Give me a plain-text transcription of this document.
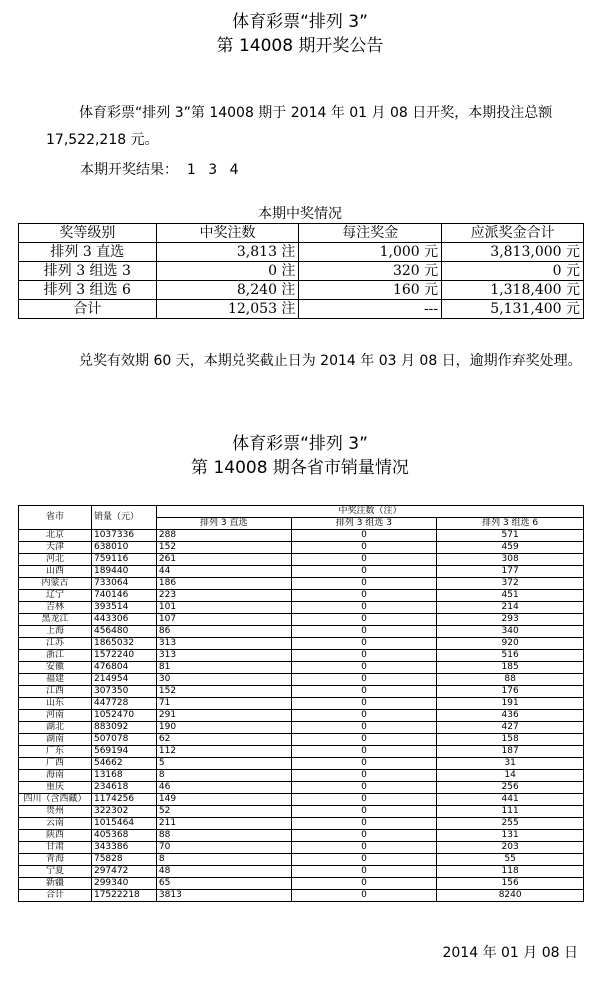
体育彩票“排列 3”
第 14008 期开奖公告
体育彩票“排列 3”第 14008 期于 2014 年 01 月 08 日开奖，本期投注总额 17,522,218 元。
本期开奖结果： 1 3 4
本期中奖情况
奖等级别	中奖注数	每注奖金	应派奖金合计
排列 3 直选	3,813 注	1,000 元	3,813,000 元
排列 3 组选 3	0 注	320 元	0 元
排列 3 组选 6	8,240 注	160 元	1,318,400 元
合计	12,053 注	---	5,131,400 元
兑奖有效期 60 天，本期兑奖截止日为 2014 年 03 月 08 日，逾期作弃奖处理。
体育彩票“排列 3”
第 14008 期各省市销量情况
省市	销量（元）	中奖注数（注）		
		排列 3 直选	排列 3 组选 3	排列 3 组选 6
北京	1037336	288	0	571
天津	638010	152	0	459
河北	759116	261	0	308
山西	189440	44	0	177
内蒙古	733064	186	0	372
辽宁	740146	223	0	451
吉林	393514	101	0	214
黑龙江	443306	107	0	293
上海	456480	86	0	340
江苏	1865032	313	0	920
浙江	1572240	313	0	516
安徽	476804	81	0	185
福建	214954	30	0	88
江西	307350	152	0	176
山东	447728	71	0	191
河南	1052470	291	0	436
湖北	883092	190	0	427
湖南	507078	62	0	158
广东	569194	112	0	187
广西	54662	5	0	31
海南	13168	8	0	14
重庆	234618	46	0	256
四川（含西藏）	1174256	149	0	441
贵州	322302	52	0	111
云南	1015464	211	0	255
陕西	405368	88	0	131
甘肃	343386	70	0	203
青海	75828	8	0	55
宁夏	297472	48	0	118
新疆	299340	65	0	156
合计	17522218	3813	0	8240
2014 年 01 月 08 日
